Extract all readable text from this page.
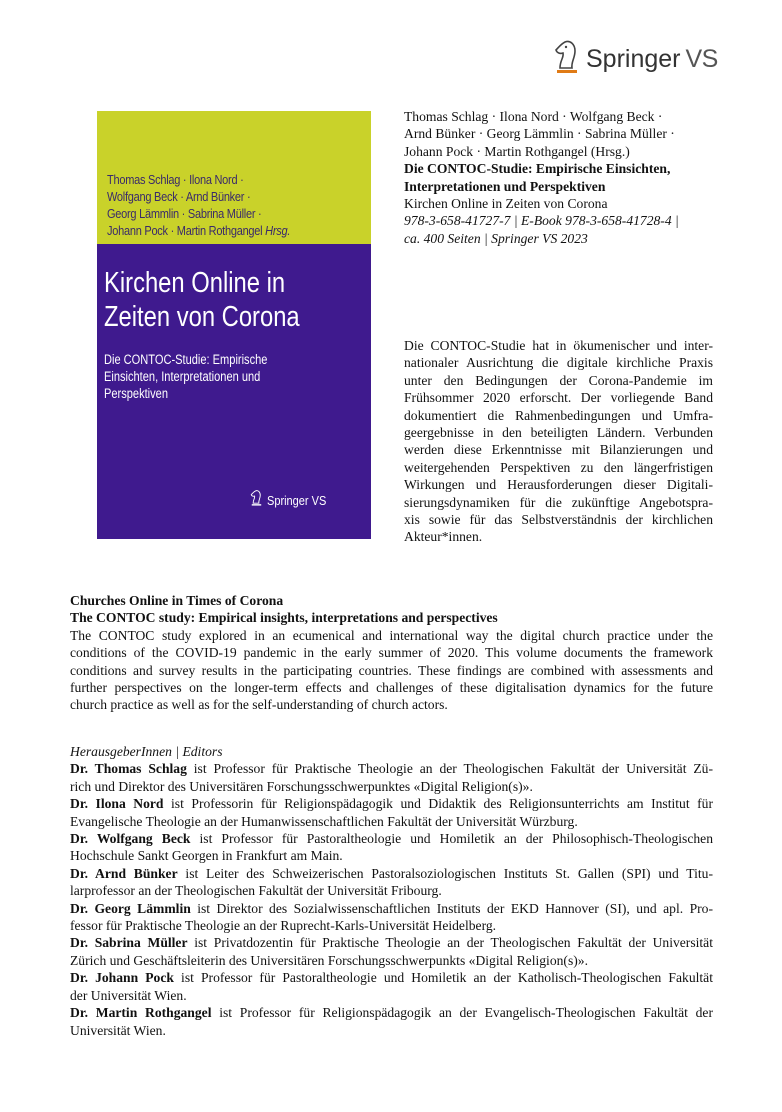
Springer VS
Thomas Schlag · Ilona Nord ·
Wolfgang Beck · Arnd Bünker ·
Georg Lämmlin · Sabrina Müller ·
Johann Pock · Martin Rothgangel Hrsg.
Kirchen Online in
Zeiten von Corona
Die CONTOC-Studie: Empirische
Einsichten, Interpretationen und
Perspektiven
Springer VS
Thomas Schlag · Ilona Nord · Wolfgang Beck ·
Arnd Bünker · Georg Lämmlin · Sabrina Müller ·
Johann Pock · Martin Rothgangel (Hrsg.)
Die CONTOC-Studie: Empirische Einsichten,
Interpretationen und Perspektiven
Kirchen Online in Zeiten von Corona
978-3-658-41727-7 | E-Book 978-3-658-41728-4 |
ca. 400 Seiten | Springer VS 2023
Die CONTOC-Studie hat in ökumenischer und inter-
nationaler Ausrichtung die digitale kirchliche Praxis
unter den Bedingungen der Corona-Pandemie im
Frühsommer 2020 erforscht. Der vorliegende Band
dokumentiert die Rahmenbedingungen und Umfra-
geergebnisse in den beteiligten Ländern. Verbunden
werden diese Erkenntnisse mit Bilanzierungen und
weitergehenden Perspektiven zu den längerfristigen
Wirkungen und Herausforderungen dieser Digitali-
sierungsdynamiken für die zukünftige Angebotspra-
xis sowie für das Selbstverständnis der kirchlichen
Akteur*innen.
Churches Online in Times of Corona
The CONTOC study: Empirical insights, interpretations and perspectives
The CONTOC study explored in an ecumenical and international way the digital church practice under the
conditions of the COVID-19 pandemic in the early summer of 2020. This volume documents the framework
conditions and survey results in the participating countries. These findings are combined with assessments and
further perspectives on the longer-term effects and challenges of these digitalisation dynamics for the future
church practice as well as for the self-understanding of church actors.
HerausgeberInnen | Editors
Dr. Thomas Schlag ist Professor für Praktische Theologie an der Theologischen Fakultät der Universität Zü-
rich und Direktor des Universitären Forschungsschwerpunktes «Digital Religion(s)».
Dr. Ilona Nord ist Professorin für Religionspädagogik und Didaktik des Religionsunterrichts am Institut für
Evangelische Theologie an der Humanwissenschaftlichen Fakultät der Universität Würzburg.
Dr. Wolfgang Beck ist Professor für Pastoraltheologie und Homiletik an der Philosophisch-Theologischen
Hochschule Sankt Georgen in Frankfurt am Main.
Dr. Arnd Bünker ist Leiter des Schweizerischen Pastoralsoziologischen Instituts St. Gallen (SPI) und Titu-
larprofessor an der Theologischen Fakultät der Universität Fribourg.
Dr. Georg Lämmlin ist Direktor des Sozialwissenschaftlichen Instituts der EKD Hannover (SI), und apl. Pro-
fessor für Praktische Theologie an der Ruprecht-Karls-Universität Heidelberg.
Dr. Sabrina Müller ist Privatdozentin für Praktische Theologie an der Theologischen Fakultät der Universität
Zürich und Geschäftsleiterin des Universitären Forschungsschwerpunkts «Digital Religion(s)».
Dr. Johann Pock ist Professor für Pastoraltheologie und Homiletik an der Katholisch-Theologischen Fakultät
der Universität Wien.
Dr. Martin Rothgangel ist Professor für Religionspädagogik an der Evangelisch-Theologischen Fakultät der
Universität Wien.
